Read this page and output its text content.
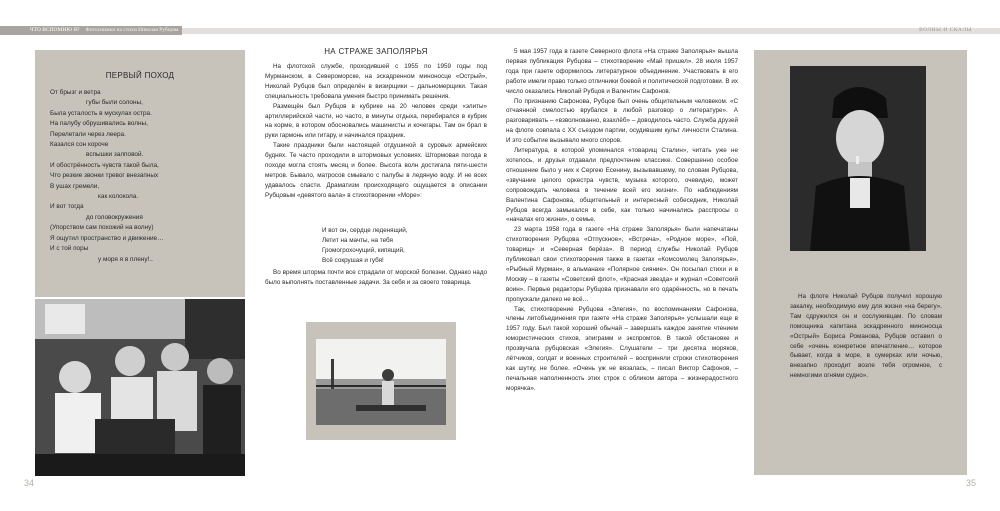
ЧТО ВСПОМНЮ Я? Фотоснимки на стихи Николая Рубцова	ВОЛНЫ И СКАЛЫ
ПЕРВЫЙ ПОХОД
От брызг и ветра
губы были солоны,
Была усталость в мускулах остра.
На палубу обрушивались волны,
Перелетали через леера.
Казался сон короче
вспышки залповой.
И обострённость чувств такой была,
Что резкие звонки тревог внезапных
В ушах гремели,
как колокола.
И вот тогда
до головокружения
(Упорством сам похожий на волну)
Я ощутил пространство и движение…
И с той поры
у моря я в плену!..
34
НА СТРАЖЕ ЗАПОЛЯРЬЯ

На флотской службе, проходившей с 1955 по 1959 годы под Мурманском, в Североморске, на эскадренном миноносце «Острый», Николай Рубцов был определён в визирщики – дальномерщики. Такая специальность требовала умения быстро принимать решения.

Размещён был Рубцов в кубрике на 20 человек среди «элиты» артиллерийской части, но часто, в минуты отдыха, перебирался в кубрик на корме, в котором обосновались машинисты и кочегары. Там он брал в руки гармонь или гитару, и начинался праздник.

Такие праздники были настоящей отдушиной в суровых армейских буднях. Те часто проходили в штормовых условиях. Штормовая погода в походе могла стоять месяц и более. Высота волн достигала пяти-шести метров. Бывало, матросов смывало с палубы в ледяную воду. И не всех удавалось спасти. Драматизм происходящего ощущается в описании Рубцовым «девятого вала» в стихотворении «Море»:

И вот он, сердце леденящий,
Летит на мачты, на тебя
Громогрохочущий, кипящий,
Всё сокрушая и губя!

Во время шторма почти все страдали от морской болезни. Однако надо было выполнять поставленные задачи. За себя и за своего товарища.

5 мая 1957 года в газете Северного флота «На страже Заполярья» вышла первая публикация Рубцова – стихотворение «Май пришел». 28 июля 1957 года при газете оформилось литературное объединение. Участвовать в его работе имели право только отличники боевой и политической подготовки. В их число оказались Николай Рубцов и Валентин Сафонов.

По признанию Сафонова, Рубцов был очень общительным человеком. «С отчаянной смелостью врубался в любой разговор о литературе». А разговаривать – «взволнованно, взахлёб» – доводилось часто. Служба друзей на флоте совпала с XX съездом партии, осудившим культ личности Сталина. И это событие вызывало много споров.

Литература, в которой упоминался «товарищ Сталин», читать уже не хотелось, и друзья отдавали предпочтение классике. Совершенно особое отношение было у них к Сергею Есенину, вызывавшему, по словам Рубцова, «звучание целого оркестра чувств, музыка которого, очевидно, может сопровождать человека в течение всей его жизни». По наблюдениям Валентина Сафонова, общительный и интересный собеседник, Николай Рубцов всегда замыкался в себе, как только начинались расспросы о «началах его жизни», о семье.

23 марта 1958 года в газете «На страже Заполярья» были напечатаны стихотворения Рубцова «Отпускное», «Встреча», «Родное море», «Пой, товарищ» и «Северная берёза». В период службы Николай Рубцов публиковал свои стихотворения также в газетах «Комсомолец Заполярья», «Рыбный Мурман», в альманахе «Полярное сияние». Он посылал стихи и в Москву – в газеты «Советский флот», «Красная звезда» и журнал «Советский воин». Первые редакторы Рубцова признавали его одарённость, но в печать пропускали далеко не всё…

Так, стихотворение Рубцова «Элегия», по воспоминаниям Сафонова, члены литобъединения при газете «На страже Заполярья» услышали еще в 1957 году. Был такой хороший обычай – завершать каждое занятие чтением юмористических стихов, эпиграмм и экспромтов. В такой обстановке и прозвучала рубцовская «Элегия». Слушатели – три десятка моряков, лётчиков, солдат и военных строителей – восприняли строки стихотворения как шутку, не более. «Очень уж не вязалась, – писал Виктор Сафонов, – печальная наполненность этих строк с обликом автора – жизнерадостного морячка».

На флоте Николай Рубцов получил хорошую закалку, необходимую ему для жизни «на берегу». Там сдружился он и сослуживцам. По словам помощника капитана эскадренного миноносца «Острый» Бориса Романова, Рубцов оставил о себе «очень конкретное впечатление… которое бывает, когда в море, в сумерках или ночью, внезапно проходит возле тебя огромное, с немногими огнями судно».

35
